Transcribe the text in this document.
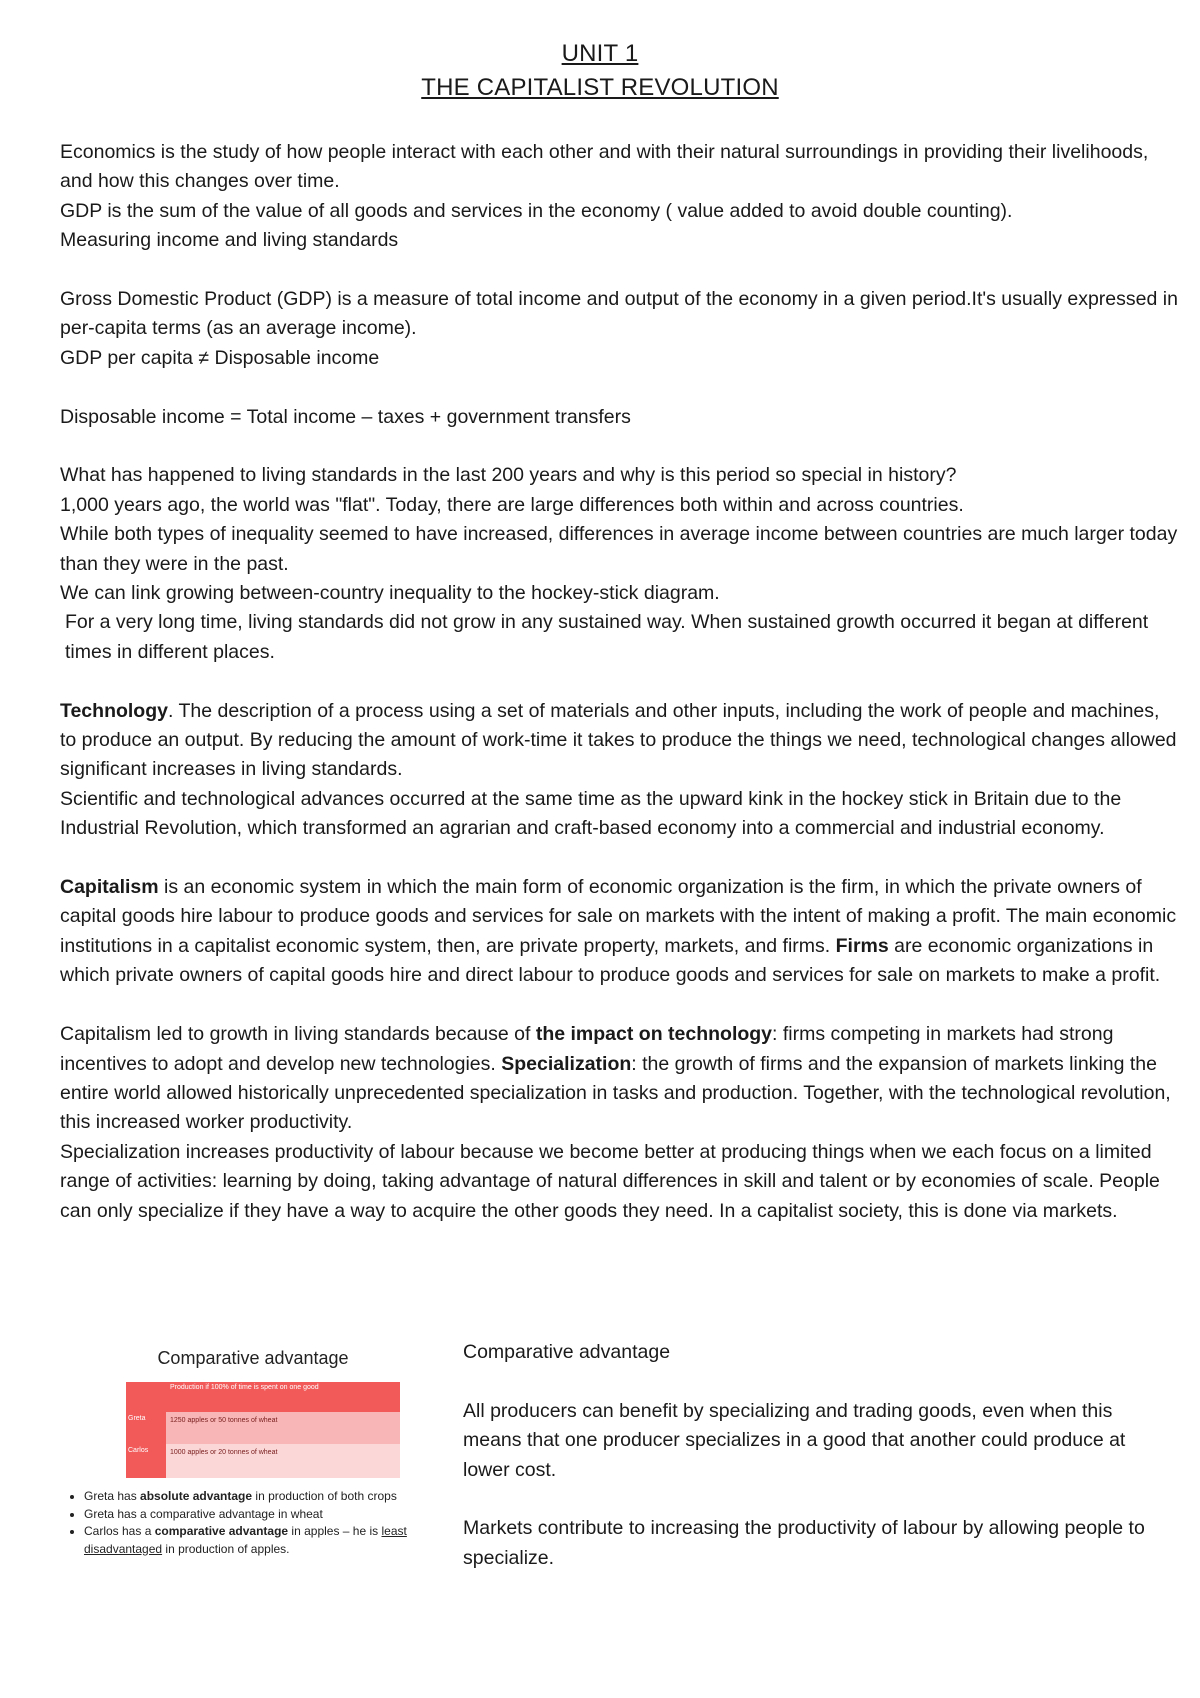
UNIT 1
THE CAPITALIST REVOLUTION

Economics is the study of how people interact with each other and with their natural surroundings in providing their livelihoods, and how this changes over time.

GDP is the sum of the value of all goods and services in the economy ( value added to avoid double counting).

Measuring income and living standards

Gross Domestic Product (GDP) is a measure of total income and output of the economy in a given period.It's usually expressed in per-capita terms (as an average income).

GDP per capita ≠ Disposable income

Disposable income = Total income – taxes + government transfers

What has happened to living standards in the last 200 years and why is this period so special in history?

1,000 years ago, the world was "flat". Today, there are large differences both within and across countries.

While both types of inequality seemed to have increased, differences in average income between countries are much larger today than they were in the past.

We can link growing between-country inequality to the hockey-stick diagram.

For a very long time, living standards did not grow in any sustained way. When sustained growth occurred it began at different times in different places.

Technology. The description of a process using a set of materials and other inputs, including the work of people and machines, to produce an output. By reducing the amount of work-time it takes to produce the things we need, technological changes allowed significant increases in living standards.

Scientific and technological advances occurred at the same time as the upward kink in the hockey stick in Britain due to the Industrial Revolution, which transformed an agrarian and craft-based economy into a commercial and industrial economy.

Capitalism is an economic system in which the main form of economic organization is the firm, in which the private owners of capital goods hire labour to produce goods and services for sale on markets with the intent of making a profit. The main economic institutions in a capitalist economic system, then, are private property, markets, and firms. Firms are economic organizations in which private owners of capital goods hire and direct labour to produce goods and services for sale on markets to make a profit.

Capitalism led to growth in living standards because of the impact on technology: firms competing in markets had strong incentives to adopt and develop new technologies. Specialization: the growth of firms and the expansion of markets linking the entire world allowed historically unprecedented specialization in tasks and production. Together, with the technological revolution, this increased worker productivity.

Specialization increases productivity of labour because we become better at producing things when we each focus on a limited range of activities: learning by doing, taking advantage of natural differences in skill and talent or by economies of scale. People can only specialize if they have a way to acquire the other goods they need. In a capitalist society, this is done via markets.

Comparative advantage
Production if 100% of time is spent on one good
Greta	1250 apples or 50 tonnes of wheat
Carlos	1000 apples or 20 tonnes of wheat
• Greta has absolute advantage in production of both crops
• Greta has a comparative advantage in wheat
• Carlos has a comparative advantage in apples – he is least disadvantaged in production of apples.

Comparative advantage

All producers can benefit by specializing and trading goods, even when this means that one producer specializes in a good that another could produce at lower cost.

Markets contribute to increasing the productivity of labour by allowing people to specialize.
